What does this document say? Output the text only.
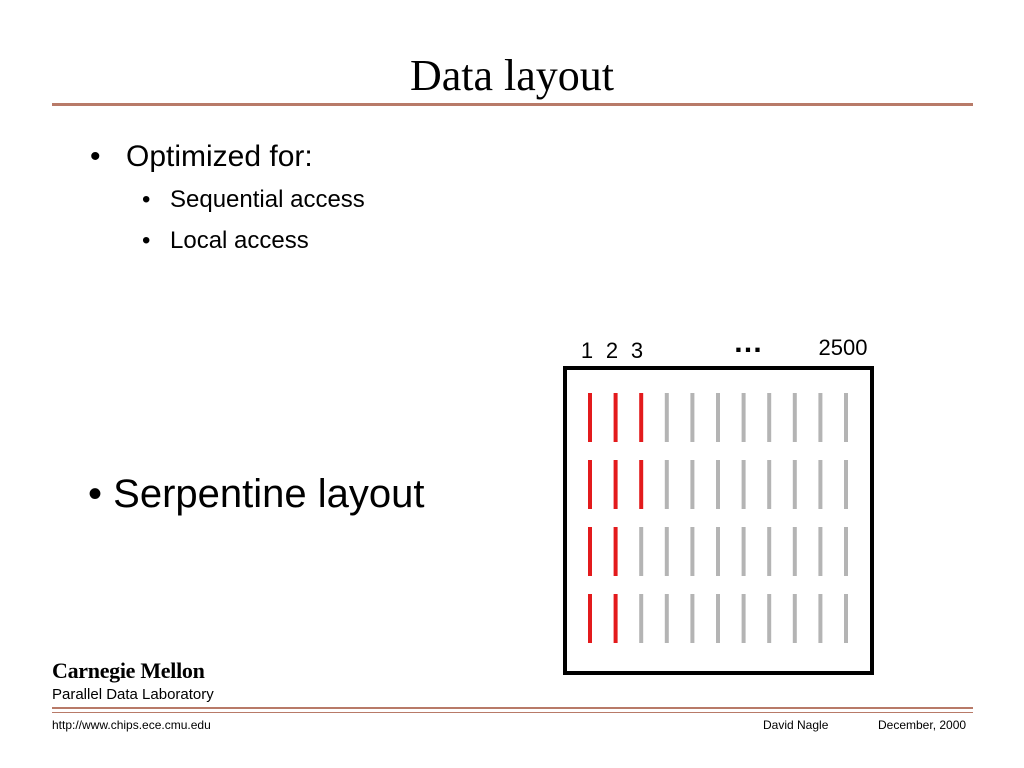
Data layout
• Optimized for:
• Sequential access
• Local access
• Serpentine layout
1 2 3	…	2500
Carnegie Mellon
Parallel Data Laboratory
http://www.chips.ece.cmu.edu	David Nagle	December, 2000
